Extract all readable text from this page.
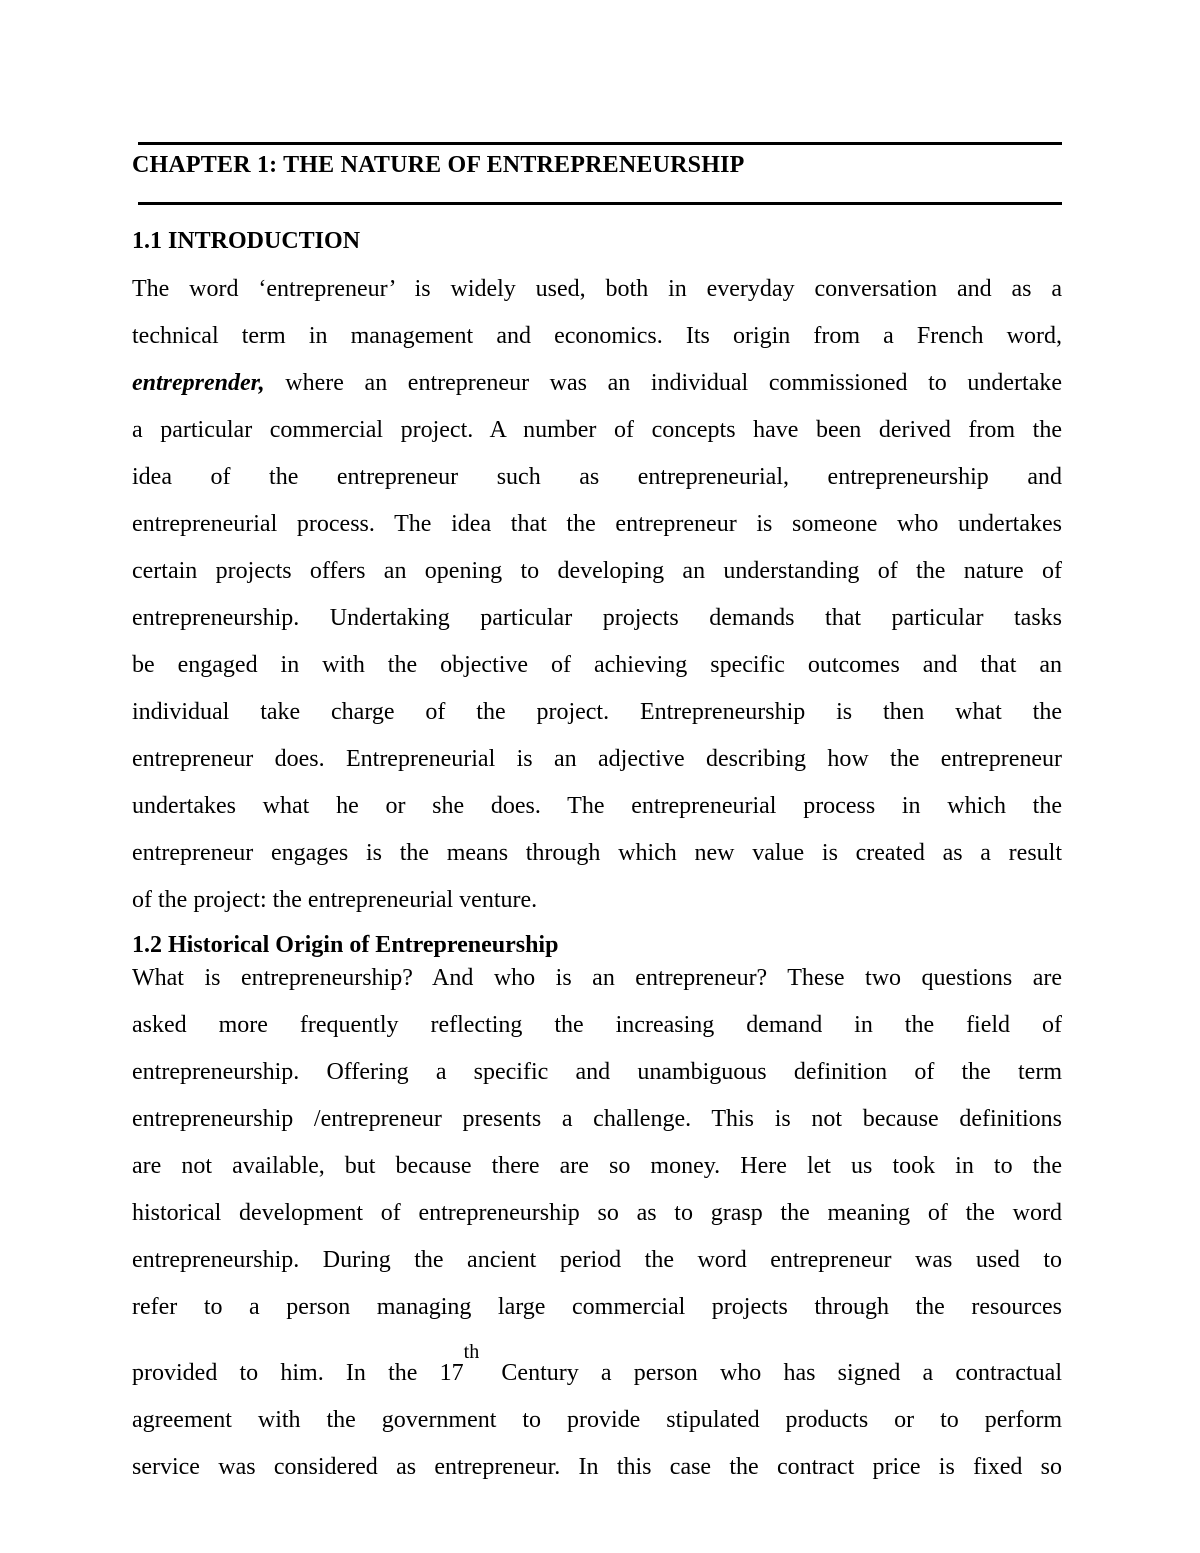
CHAPTER 1: THE NATURE OF ENTREPRENEURSHIP
1.1 INTRODUCTION
The word ‘entrepreneur’ is widely used, both in everyday conversation and as a
technical term in management and economics. Its origin from a French word,
entreprender, where an entrepreneur was an individual commissioned to undertake
a particular commercial project. A number of concepts have been derived from the
idea of the entrepreneur such as entrepreneurial, entrepreneurship and
entrepreneurial process. The idea that the entrepreneur is someone who undertakes
certain projects offers an opening to developing an understanding of the nature of
entrepreneurship. Undertaking particular projects demands that particular tasks
be engaged in with the objective of achieving specific outcomes and that an
individual take charge of the project. Entrepreneurship is then what the
entrepreneur does. Entrepreneurial is an adjective describing how the entrepreneur
undertakes what he or she does. The entrepreneurial process in which the
entrepreneur engages is the means through which new value is created as a result
of the project: the entrepreneurial venture.
1.2 Historical Origin of Entrepreneurship
What is entrepreneurship? And who is an entrepreneur? These two questions are
asked more frequently reflecting the increasing demand in the field of
entrepreneurship. Offering a specific and unambiguous definition of the term
entrepreneurship /entrepreneur presents a challenge. This is not because definitions
are not available, but because there are so money. Here let us took in to the
historical development of entrepreneurship so as to grasp the meaning of the word
entrepreneurship. During the ancient period the word entrepreneur was used to
refer to a person managing large commercial projects through the resources
provided to him. In the 17th Century a person who has signed a contractual
agreement with the government to provide stipulated products or to perform
service was considered as entrepreneur. In this case the contract price is fixed so
